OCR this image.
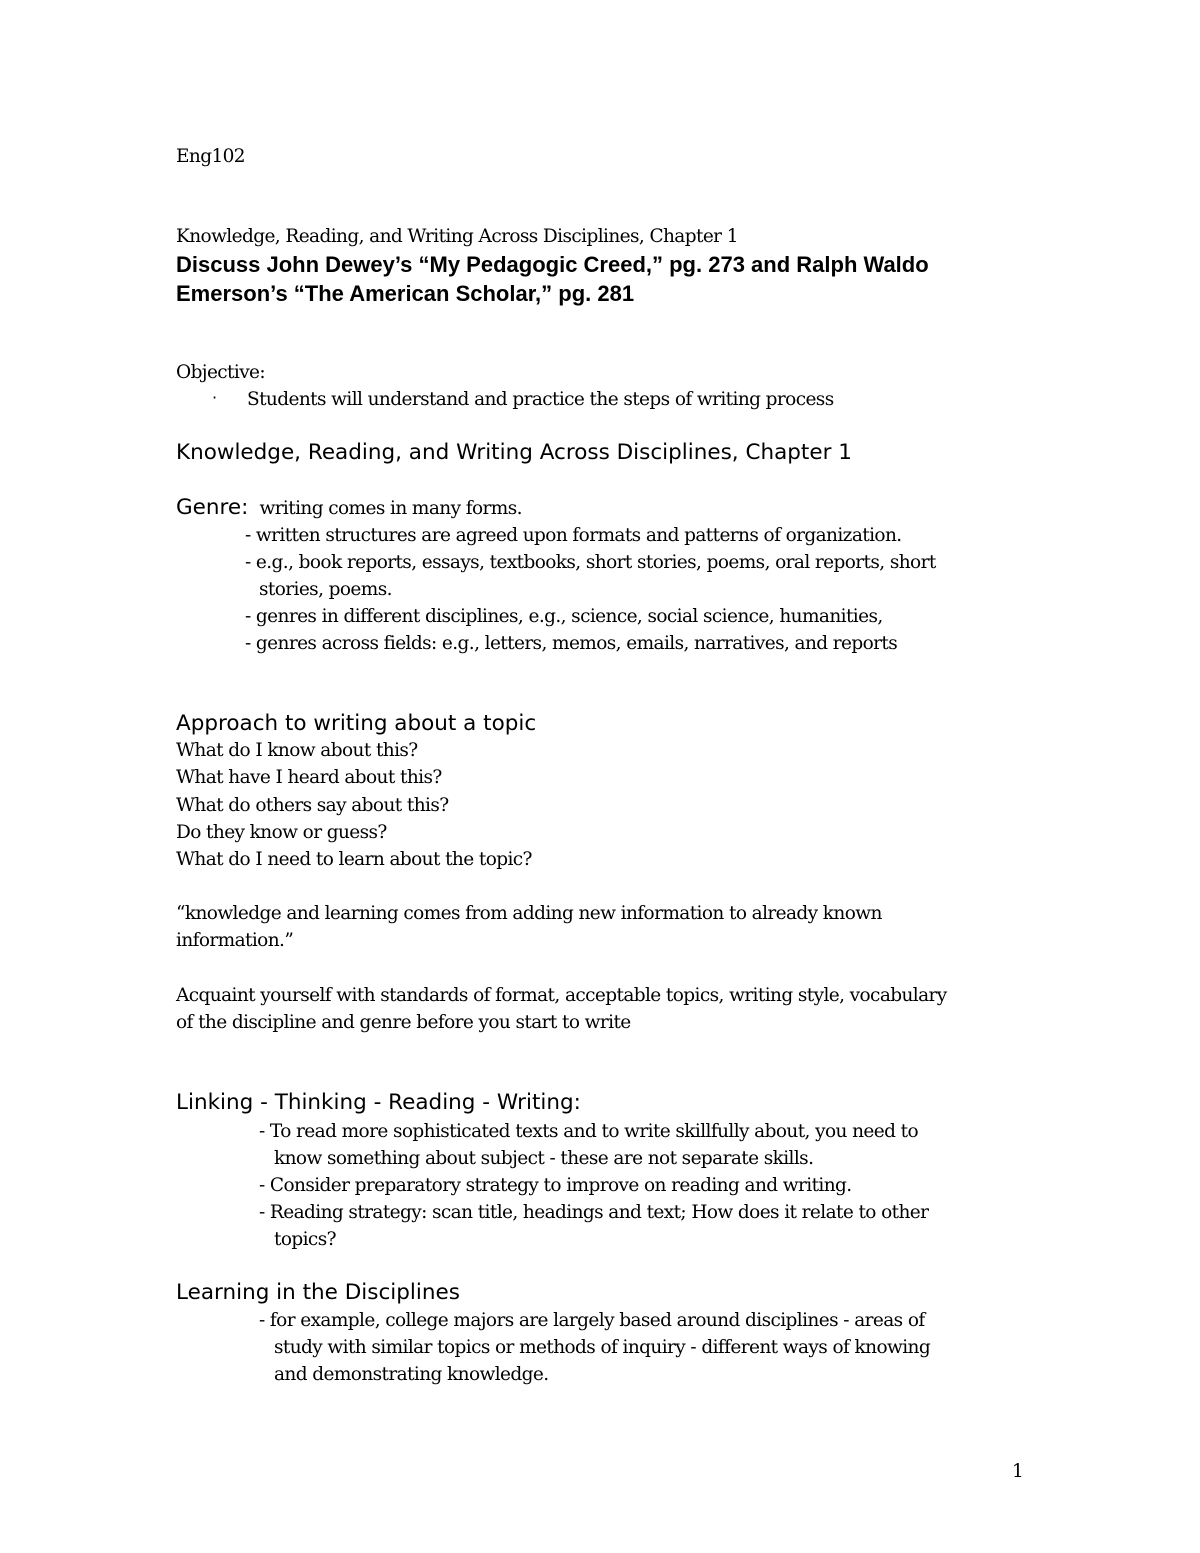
Eng102
Knowledge, Reading, and Writing Across Disciplines, Chapter 1
Discuss John Dewey’s “My Pedagogic Creed,” pg. 273 and Ralph Waldo
Emerson’s “The American Scholar,” pg. 281
Objective:
· Students will understand and practice the steps of writing process
Knowledge, Reading, and Writing Across Disciplines, Chapter 1
Genre: writing comes in many forms.
- written structures are agreed upon formats and patterns of organization.
- e.g., book reports, essays, textbooks, short stories, poems, oral reports, short
stories, poems.
- genres in different disciplines, e.g., science, social science, humanities,
- genres across fields: e.g., letters, memos, emails, narratives, and reports
Approach to writing about a topic
What do I know about this?
What have I heard about this?
What do others say about this?
Do they know or guess?
What do I need to learn about the topic?
“knowledge and learning comes from adding new information to already known
information.”
Acquaint yourself with standards of format, acceptable topics, writing style, vocabulary
of the discipline and genre before you start to write
Linking - Thinking - Reading - Writing:
- To read more sophisticated texts and to write skillfully about, you need to
know something about subject - these are not separate skills.
- Consider preparatory strategy to improve on reading and writing.
- Reading strategy: scan title, headings and text; How does it relate to other
topics?
Learning in the Disciplines
- for example, college majors are largely based around disciplines - areas of
study with similar topics or methods of inquiry - different ways of knowing
and demonstrating knowledge.
1
